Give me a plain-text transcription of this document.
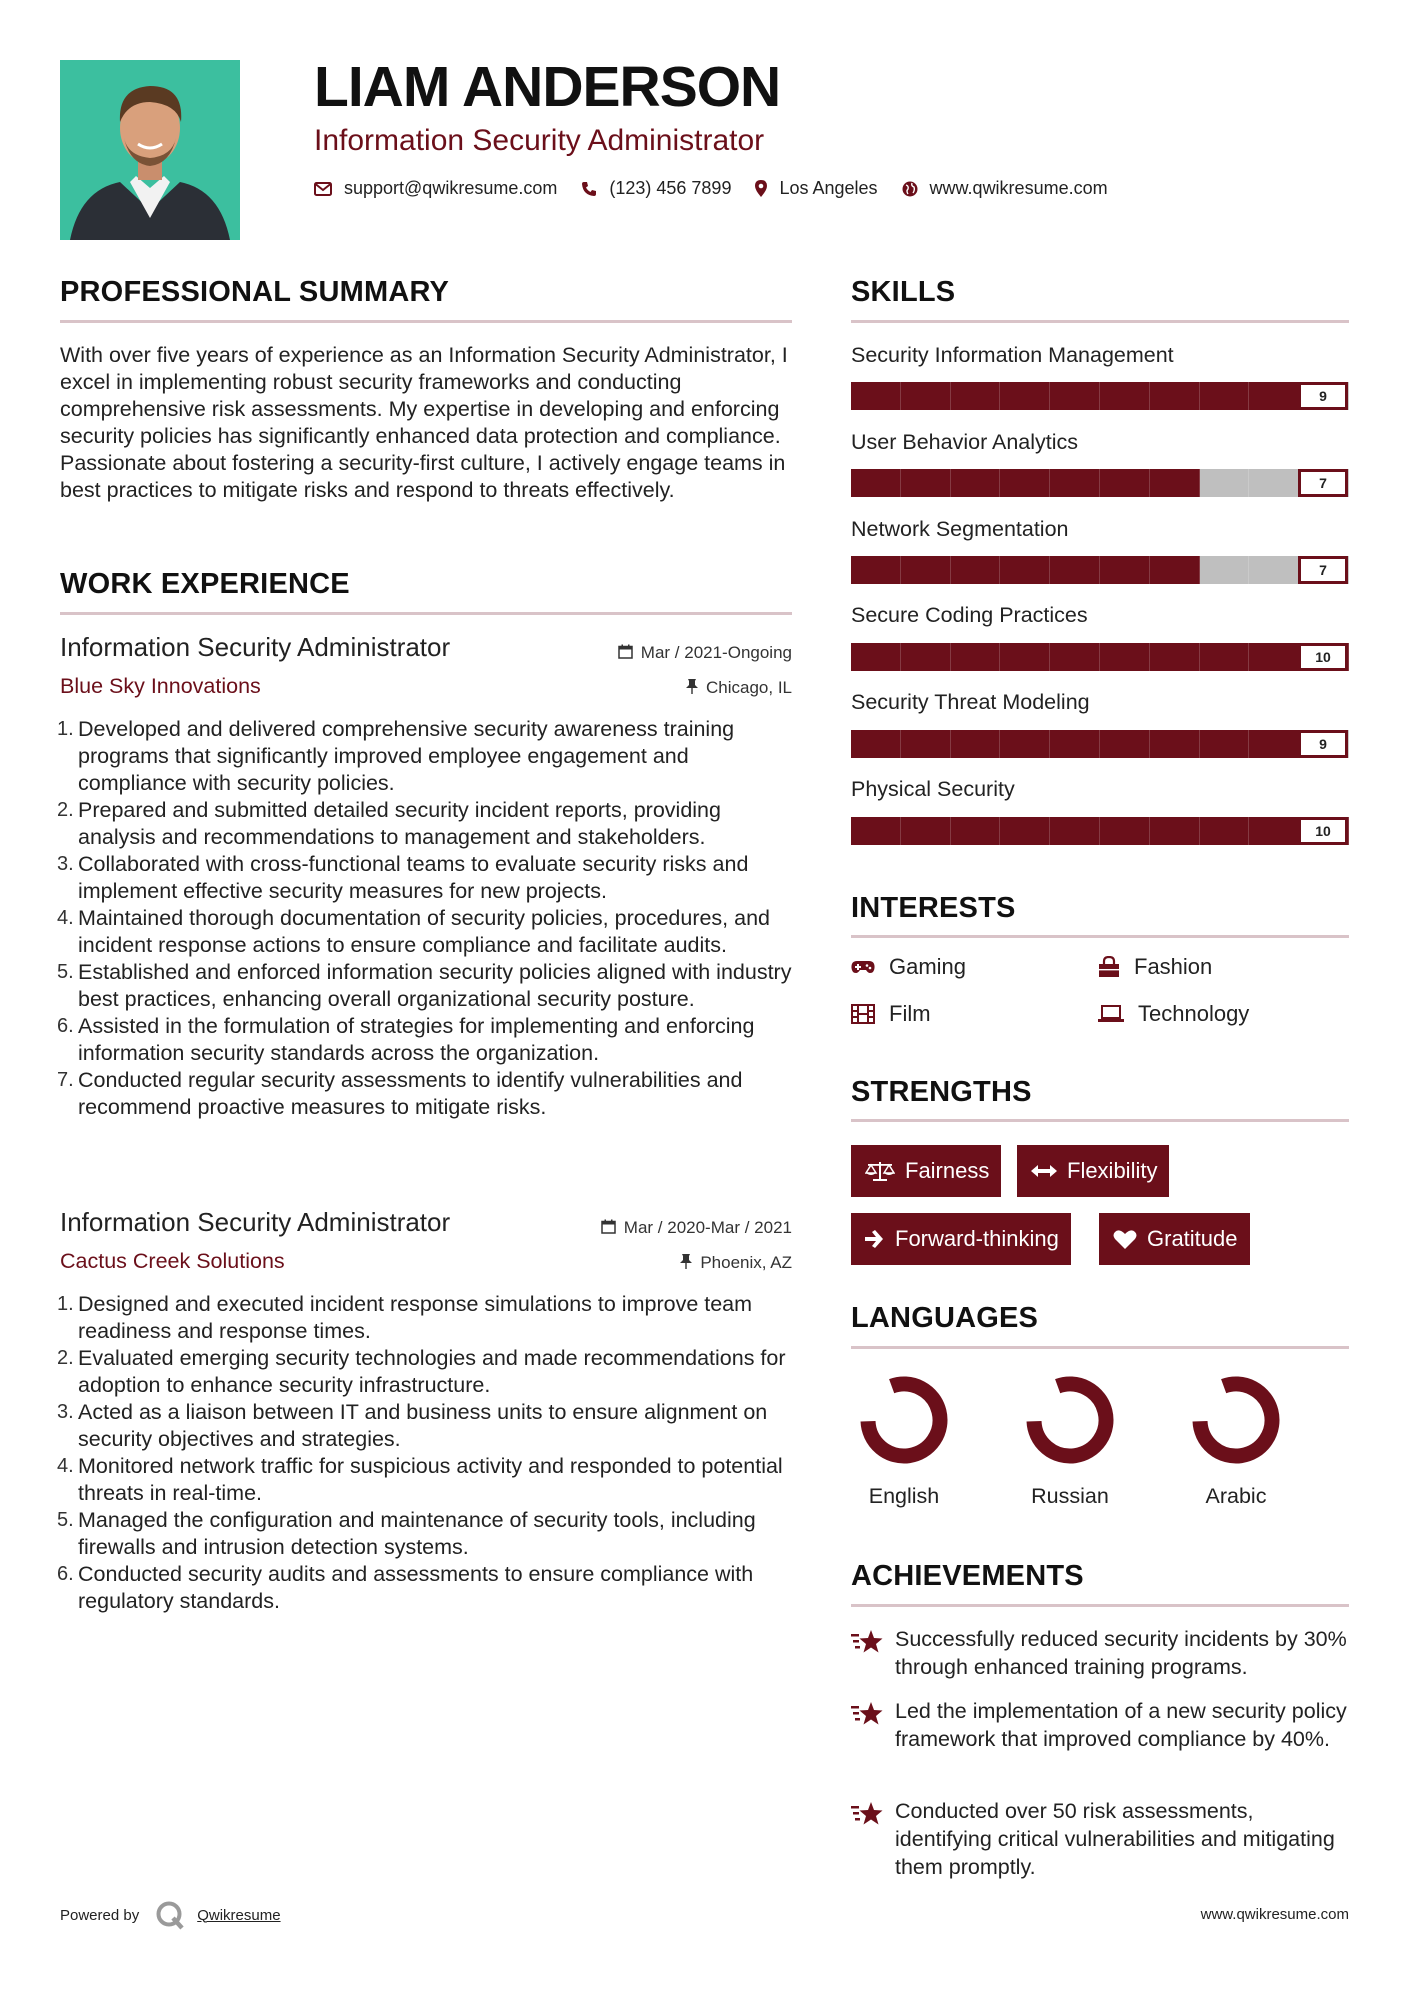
LIAM ANDERSON
Information Security Administrator
support@qwikresume.com	(123) 456 7899	Los Angeles	www.qwikresume.com
PROFESSIONAL SUMMARY
With over five years of experience as an Information Security Administrator, I excel in implementing robust security frameworks and conducting comprehensive risk assessments. My expertise in developing and enforcing security policies has significantly enhanced data protection and compliance. Passionate about fostering a security-first culture, I actively engage teams in best practices to mitigate risks and respond to threats effectively.
WORK EXPERIENCE
Information Security Administrator	Mar / 2021-Ongoing
Blue Sky Innovations	Chicago, IL
1. Developed and delivered comprehensive security awareness training programs that significantly improved employee engagement and compliance with security policies.
2. Prepared and submitted detailed security incident reports, providing analysis and recommendations to management and stakeholders.
3. Collaborated with cross-functional teams to evaluate security risks and implement effective security measures for new projects.
4. Maintained thorough documentation of security policies, procedures, and incident response actions to ensure compliance and facilitate audits.
5. Established and enforced information security policies aligned with industry best practices, enhancing overall organizational security posture.
6. Assisted in the formulation of strategies for implementing and enforcing information security standards across the organization.
7. Conducted regular security assessments to identify vulnerabilities and recommend proactive measures to mitigate risks.
Information Security Administrator	Mar / 2020-Mar / 2021
Cactus Creek Solutions	Phoenix, AZ
1. Designed and executed incident response simulations to improve team readiness and response times.
2. Evaluated emerging security technologies and made recommendations for adoption to enhance security infrastructure.
3. Acted as a liaison between IT and business units to ensure alignment on security objectives and strategies.
4. Monitored network traffic for suspicious activity and responded to potential threats in real-time.
5. Managed the configuration and maintenance of security tools, including firewalls and intrusion detection systems.
6. Conducted security audits and assessments to ensure compliance with regulatory standards.
SKILLS
Security Information Management
9
User Behavior Analytics
7
Network Segmentation
7
Secure Coding Practices
10
Security Threat Modeling
9
Physical Security
10
INTERESTS
Gaming	Fashion
Film	Technology
STRENGTHS
Fairness	Flexibility
Forward-thinking	Gratitude
LANGUAGES
English	Russian	Arabic
ACHIEVEMENTS
Successfully reduced security incidents by 30% through enhanced training programs.
Led the implementation of a new security policy framework that improved compliance by 40%.
Conducted over 50 risk assessments, identifying critical vulnerabilities and mitigating them promptly.
Powered by	Qwikresume	www.qwikresume.com
